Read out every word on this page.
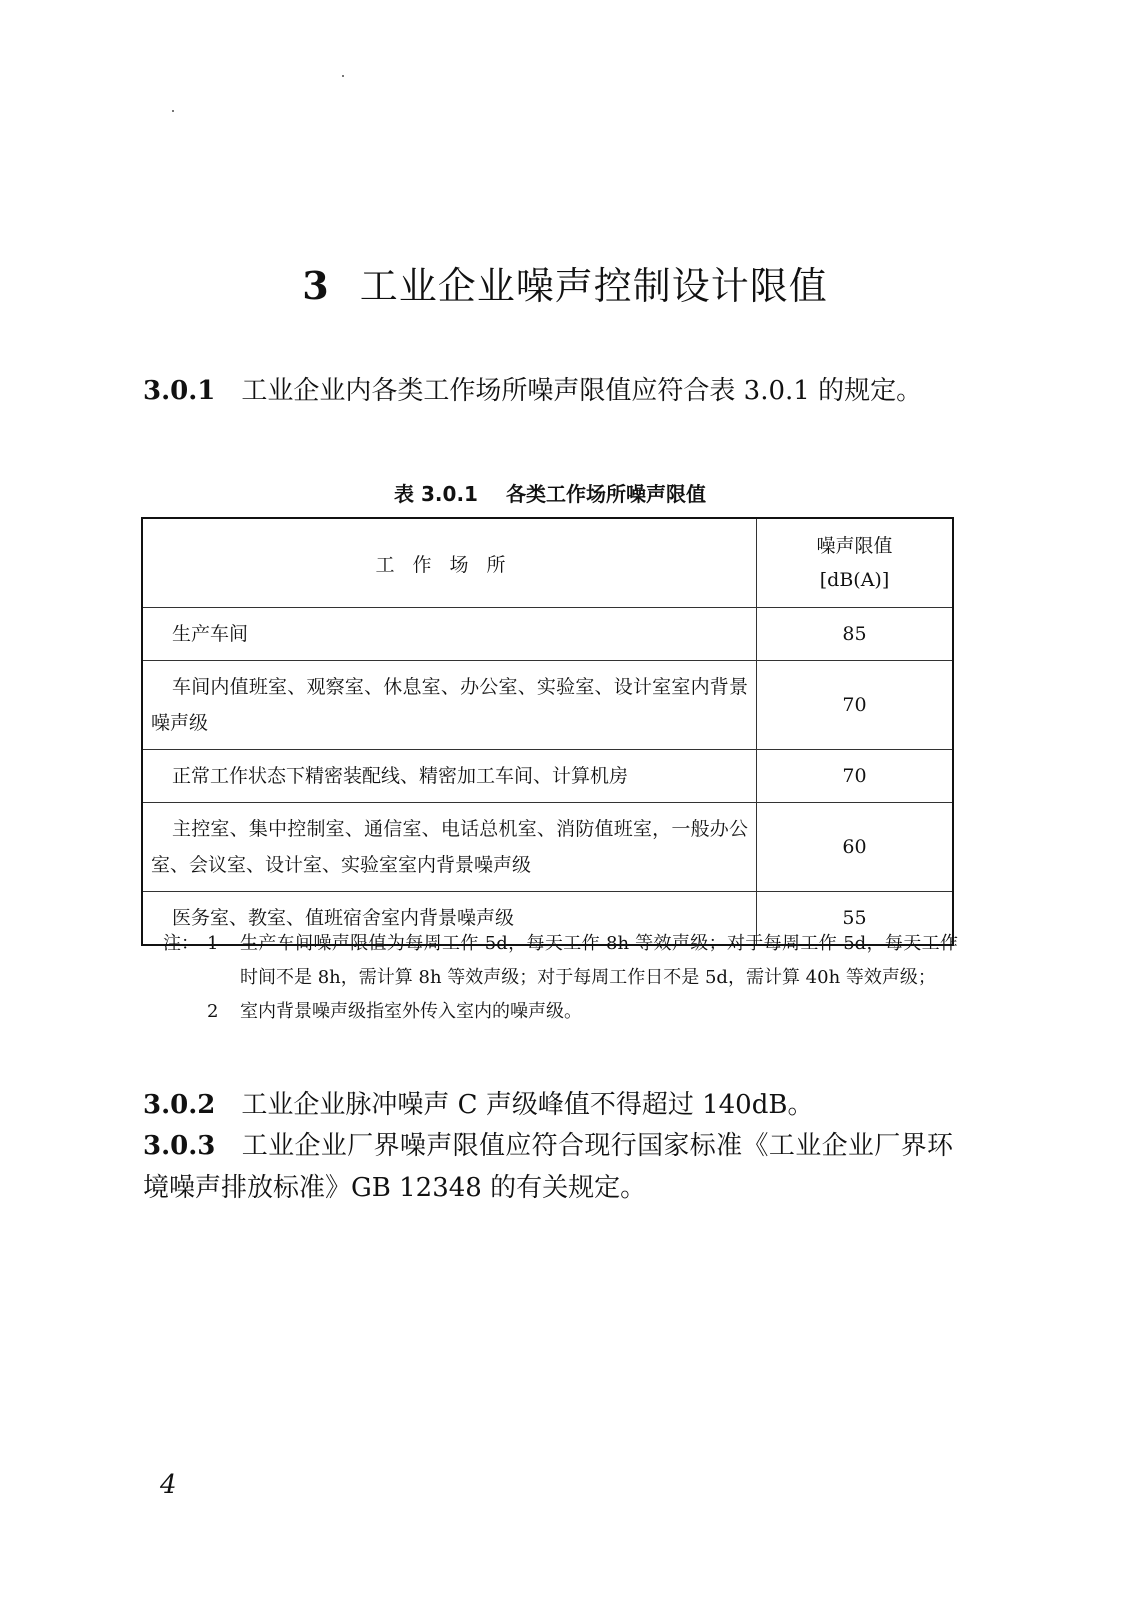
3 工业企业噪声控制设计限值
3.0.1 工业企业内各类工作场所噪声限值应符合表 3.0.1 的规定。
表 3.0.1 各类工作场所噪声限值
工作场所	噪声限值
[dB(A)]

生产车间	85
车间内值班室、观察室、休息室、办公室、实验室、设计室室内背景噪声级	70
正常工作状态下精密装配线、精密加工车间、计算机房	70
主控室、集中控制室、通信室、电话总机室、消防值班室，一般办公室、会议室、设计室、实验室室内背景噪声级	60
医务室、教室、值班宿舍室内背景噪声级	55
注： 1	生产车间噪声限值为每周工作 5d，每天工作 8h 等效声级；对于每周工作 5d，每天工作时间不是 8h，需计算 8h 等效声级；对于每周工作日不是 5d，需计算 40h 等效声级；
2	室内背景噪声级指室外传入室内的噪声级。
3.0.2 工业企业脉冲噪声 C 声级峰值不得超过 140dB。
3.0.3 工业企业厂界噪声限值应符合现行国家标准《工业企业厂界环境噪声排放标准》GB 12348 的有关规定。
4
